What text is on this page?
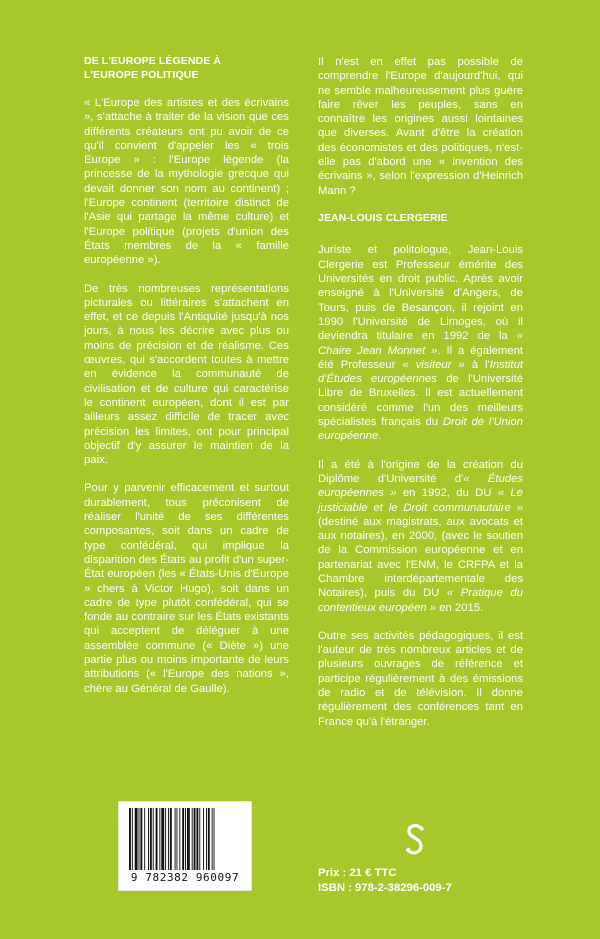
DE L'EUROPE LÉGENDE À
L'EUROPE POLITIQUE

« L'Europe des artistes et des écrivains », s'attache à traiter de la vision que ces différents créateurs ont pu avoir de ce qu'il convient d'appeler les « trois Europe » : l'Europe légende (la princesse de la mythologie grecque qui devait donner son nom au continent) ; l'Europe continent (territoire distinct de l'Asie qui partage la même culture) et l'Europe politique (projets d'union des États membres de la « famille européenne »).

De très nombreuses représentations picturales ou littéraires s'attachent en effet, et ce depuis l'Antiquité jusqu'à nos jours, à nous les décrire avec plus ou moins de précision et de réalisme. Ces œuvres, qui s'accordent toutes à mettre en évidence la communauté de civilisation et de culture qui caractérise le continent européen, dont il est par ailleurs assez difficile de tracer avec précision les limites, ont pour principal objectif d'y assurer le maintien de la paix.

Pour y parvenir efficacement et surtout durablement, tous préconisent de réaliser l'unité de ses différentes composantes, soit dans un cadre de type confédéral, qui implique la disparition des États au profit d'un super-État européen (les « États-Unis d'Europe » chers à Victor Hugo), soit dans un cadre de type plutôt confédéral, qui se fonde au contraire sur les États existants qui acceptent de déléguer à une assemblée commune (« Diète ») une partie plus ou moins importante de leurs attributions (« l'Europe des nations », chère au Général de Gaulle).

Il n'est en effet pas possible de comprendre l'Europe d'aujourd'hui, qui ne semble malheureusement plus guère faire rêver les peuples, sans en connaître les origines aussi lointaines que diverses. Avant d'être la création des économistes et des politiques, n'est-elle pas d'abord une « invention des écrivains », selon l'expression d'Heinrich Mann ?

JEAN-LOUIS CLERGERIE

Juriste et politologue, Jean-Louis Clergerie est Professeur émérite des Universités en droit public. Après avoir enseigné à l'Université d'Angers, de Tours, puis de Besançon, il rejoint en 1990 l'Université de Limoges, où il deviendra titulaire en 1992 de la « Chaire Jean Monnet ». Il a également été Professeur « visiteur » à l'Institut d'Études européennes de l'Université Libre de Bruxelles. Il est actuellement considéré comme l'un des meilleurs spécialistes français du Droit de l'Union européenne.

Il a été à l'origine de la création du Diplôme d'Université d'« Études européennes » en 1992, du DU « Le justiciable et le Droit communautaire » (destiné aux magistrats, aux avocats et aux notaires), en 2000, (avec le soutien de la Commission européenne et en partenariat avec l'ENM, le CRFPA et la Chambre interdépartementale des Notaires), puis du DU « Pratique du contentieux européen » en 2015.

Outre ses activités pédagogiques, il est l'auteur de très nombreux articles et de plusieurs ouvrages de référence et participe régulièrement à des émissions de radio et de télévision. Il donne régulièrement des conférences tant en France qu'à l'étranger.

9 782382 960097	Prix : 21 € TTC
ISBN : 978-2-38296-009-7
